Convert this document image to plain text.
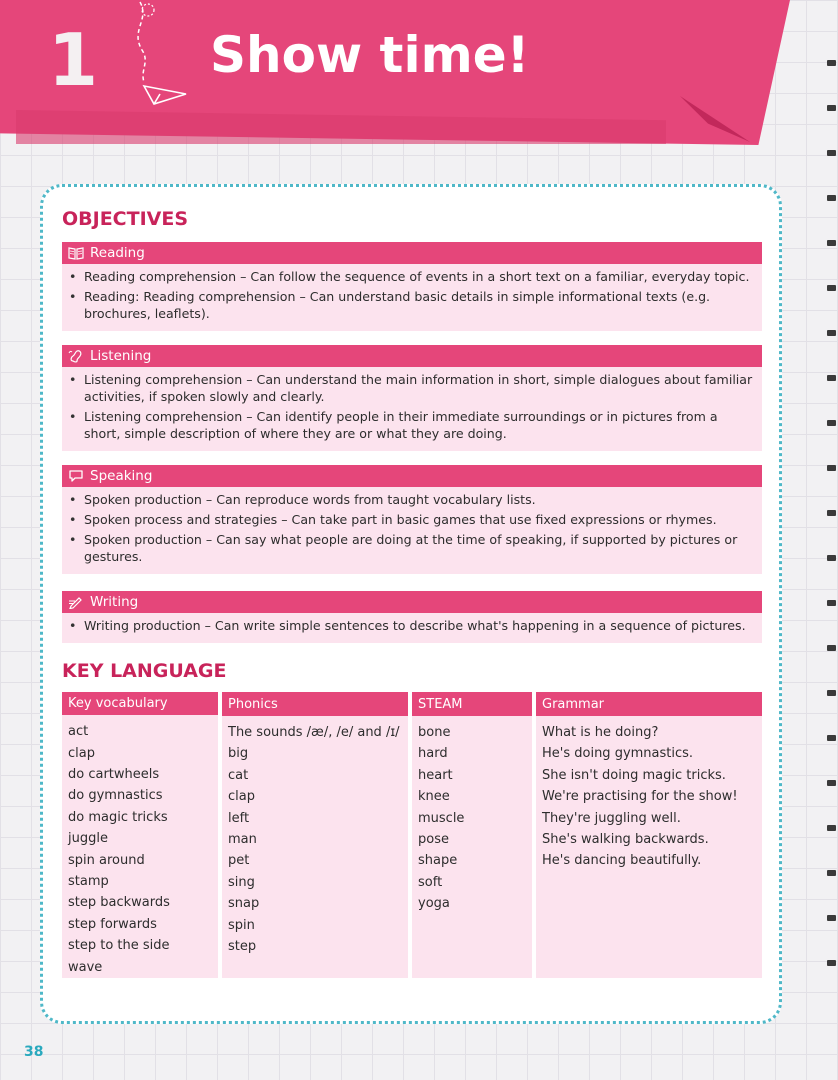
1 Show time!
OBJECTIVES
Reading
• Reading comprehension – Can follow the sequence of events in a short text on a familiar, everyday topic.
• Reading: Reading comprehension – Can understand basic details in simple informational texts (e.g. brochures, leaflets).
Listening
• Listening comprehension – Can understand the main information in short, simple dialogues about familiar activities, if spoken slowly and clearly.
• Listening comprehension – Can identify people in their immediate surroundings or in pictures from a short, simple description of where they are or what they are doing.
Speaking
• Spoken production – Can reproduce words from taught vocabulary lists.
• Spoken process and strategies – Can take part in basic games that use fixed expressions or rhymes.
• Spoken production – Can say what people are doing at the time of speaking, if supported by pictures or gestures.
Writing
• Writing production – Can write simple sentences to describe what's happening in a sequence of pictures.
KEY LANGUAGE
Key vocabulary
act
clap
do cartwheels
do gymnastics
do magic tricks
juggle
spin around
stamp
step backwards
step forwards
step to the side
wave
Phonics
The sounds /æ/, /e/ and /ɪ/
big
cat
clap
left
man
pet
sing
snap
spin
step
STEAM
bone
hard
heart
knee
muscle
pose
shape
soft
yoga
Grammar
What is he doing?
He's doing gymnastics.
She isn't doing magic tricks.
We're practising for the show!
They're juggling well.
She's walking backwards.
He's dancing beautifully.
38
